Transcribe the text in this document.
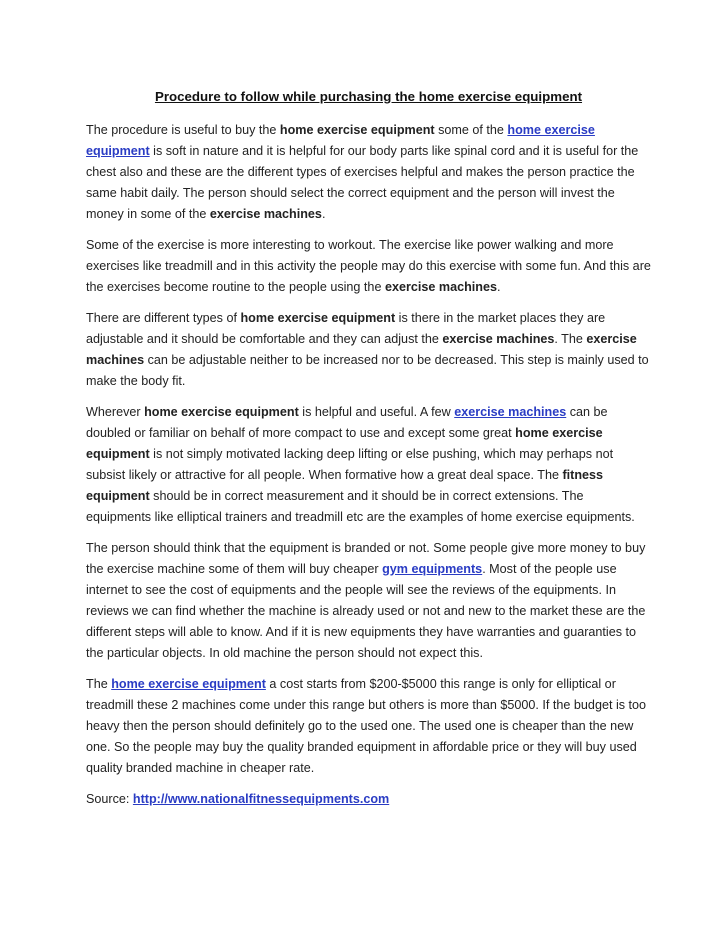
Procedure to follow while purchasing the home exercise equipment

The procedure is useful to buy the home exercise equipment some of the home exercise equipment is soft in nature and it is helpful for our body parts like spinal cord and it is useful for the chest also and these are the different types of exercises helpful and makes the person practice the same habit daily. The person should select the correct equipment and the person will invest the money in some of the exercise machines.

Some of the exercise is more interesting to workout. The exercise like power walking and more exercises like treadmill and in this activity the people may do this exercise with some fun. And this are the exercises become routine to the people using the exercise machines.

There are different types of home exercise equipment is there in the market places they are adjustable and it should be comfortable and they can adjust the exercise machines. The exercise machines can be adjustable neither to be increased nor to be decreased. This step is mainly used to make the body fit.

Wherever home exercise equipment is helpful and useful. A few exercise machines can be doubled or familiar on behalf of more compact to use and except some great home exercise equipment is not simply motivated lacking deep lifting or else pushing, which may perhaps not subsist likely or attractive for all people. When formative how a great deal space. The fitness equipment should be in correct measurement and it should be in correct extensions. The equipments like elliptical trainers and treadmill etc are the examples of home exercise equipments.

The person should think that the equipment is branded or not. Some people give more money to buy the exercise machine some of them will buy cheaper gym equipments. Most of the people use internet to see the cost of equipments and the people will see the reviews of the equipments. In reviews we can find whether the machine is already used or not and new to the market these are the different steps will able to know. And if it is new equipments they have warranties and guaranties to the particular objects. In old machine the person should not expect this.

The home exercise equipment a cost starts from $200-$5000 this range is only for elliptical or treadmill these 2 machines come under this range but others is more than $5000. If the budget is too heavy then the person should definitely go to the used one. The used one is cheaper than the new one. So the people may buy the quality branded equipment in affordable price or they will buy used quality branded machine in cheaper rate.

Source: http://www.nationalfitnessequipments.com
